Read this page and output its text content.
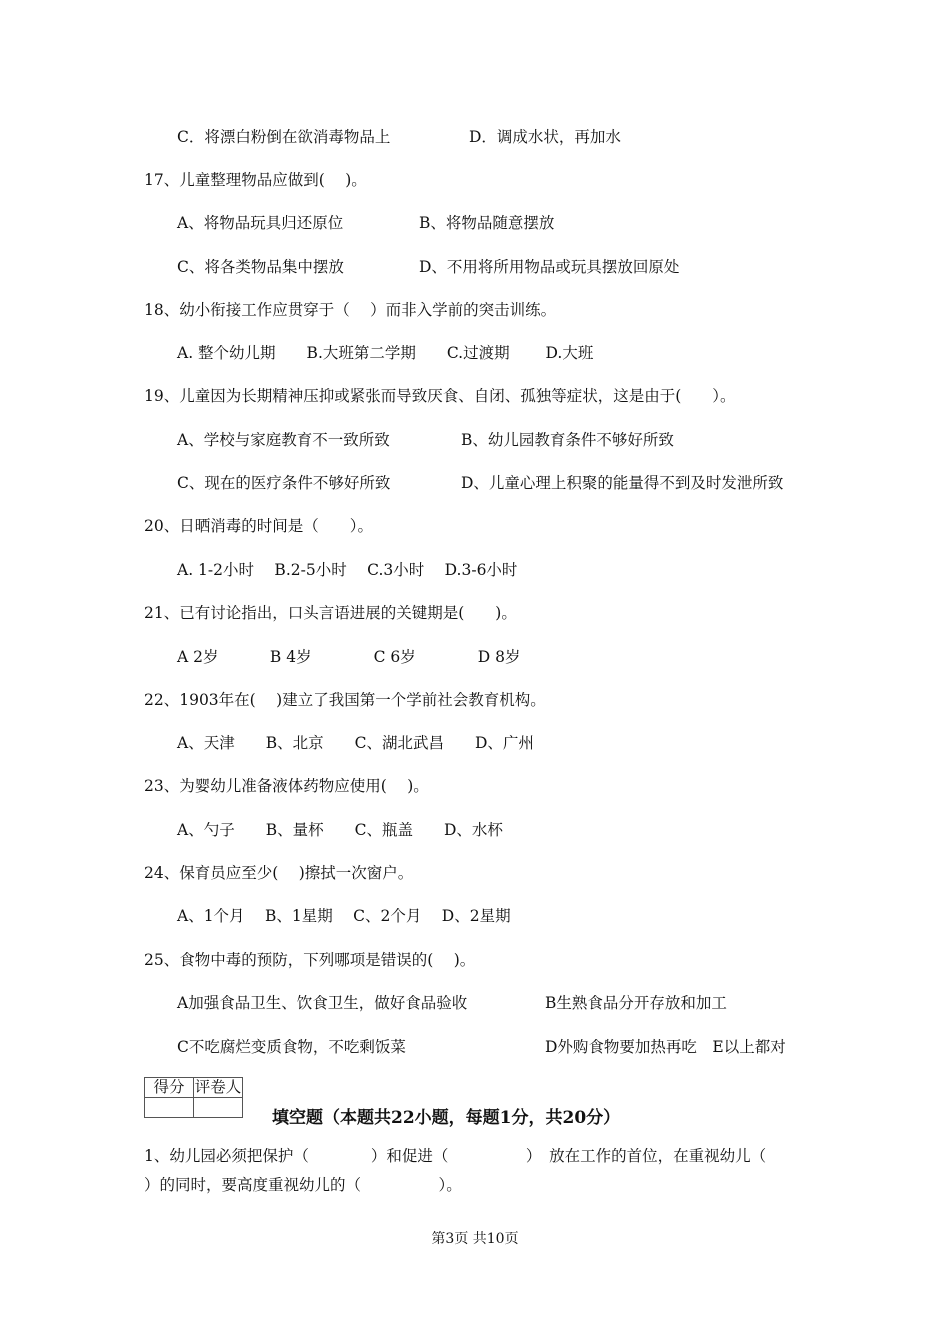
C．将漂白粉倒在欲消毒物品上	D．调成水状，再加水
17、儿童整理物品应做到(　 )。
A、将物品玩具归还原位	B、将物品随意摆放
C、将各类物品集中摆放	D、不用将所用物品或玩具摆放回原处
18、幼小衔接工作应贯穿于（　 ）而非入学前的突击训练。
A. 整个幼儿期　　B.大班第二学期　　C.过渡期　　 D.大班
19、儿童因为长期精神压抑或紧张而导致厌食、自闭、孤独等症状，这是由于(　　）。
A、学校与家庭教育不一致所致	B、幼儿园教育条件不够好所致
C、现在的医疗条件不够好所致	D、儿童心理上积聚的能量得不到及时发泄所致
20、日晒消毒的时间是（　　）。
A. 1-2小时　 B.2-5小时　 C.3小时　 D.3-6小时
21、已有讨论指出，口头言语进展的关键期是(　　)。
A 2岁　　　 B 4岁　　　　C 6岁　　　　D 8岁
22、1903年在(　 )建立了我国第一个学前社会教育机构。
A、天津　　B、北京　　C、湖北武昌　　D、广州
23、为婴幼儿准备液体药物应使用(　 )。
A、勺子　　B、量杯　　C、瓶盖　　D、水杯
24、保育员应至少(　 )擦拭一次窗户。
A、1个月　 B、1星期　 C、2个月　 D、2星期
25、食物中毒的预防，下列哪项是错误的(　 )。
A加强食品卫生、饮食卫生，做好食品验收	B生熟食品分开存放和加工
C不吃腐烂变质食物，不吃剩饭菜	D外购食物要加热再吃　E以上都对
得分	评卷人

填空题（本题共22小题，每题1分，共20分）
1、幼儿园必须把保护（　　　　）和促进（　　　　　）　放在工作的首位，在重视幼儿（
）的同时，要高度重视幼儿的（　　　　　）。
第3页 共10页
